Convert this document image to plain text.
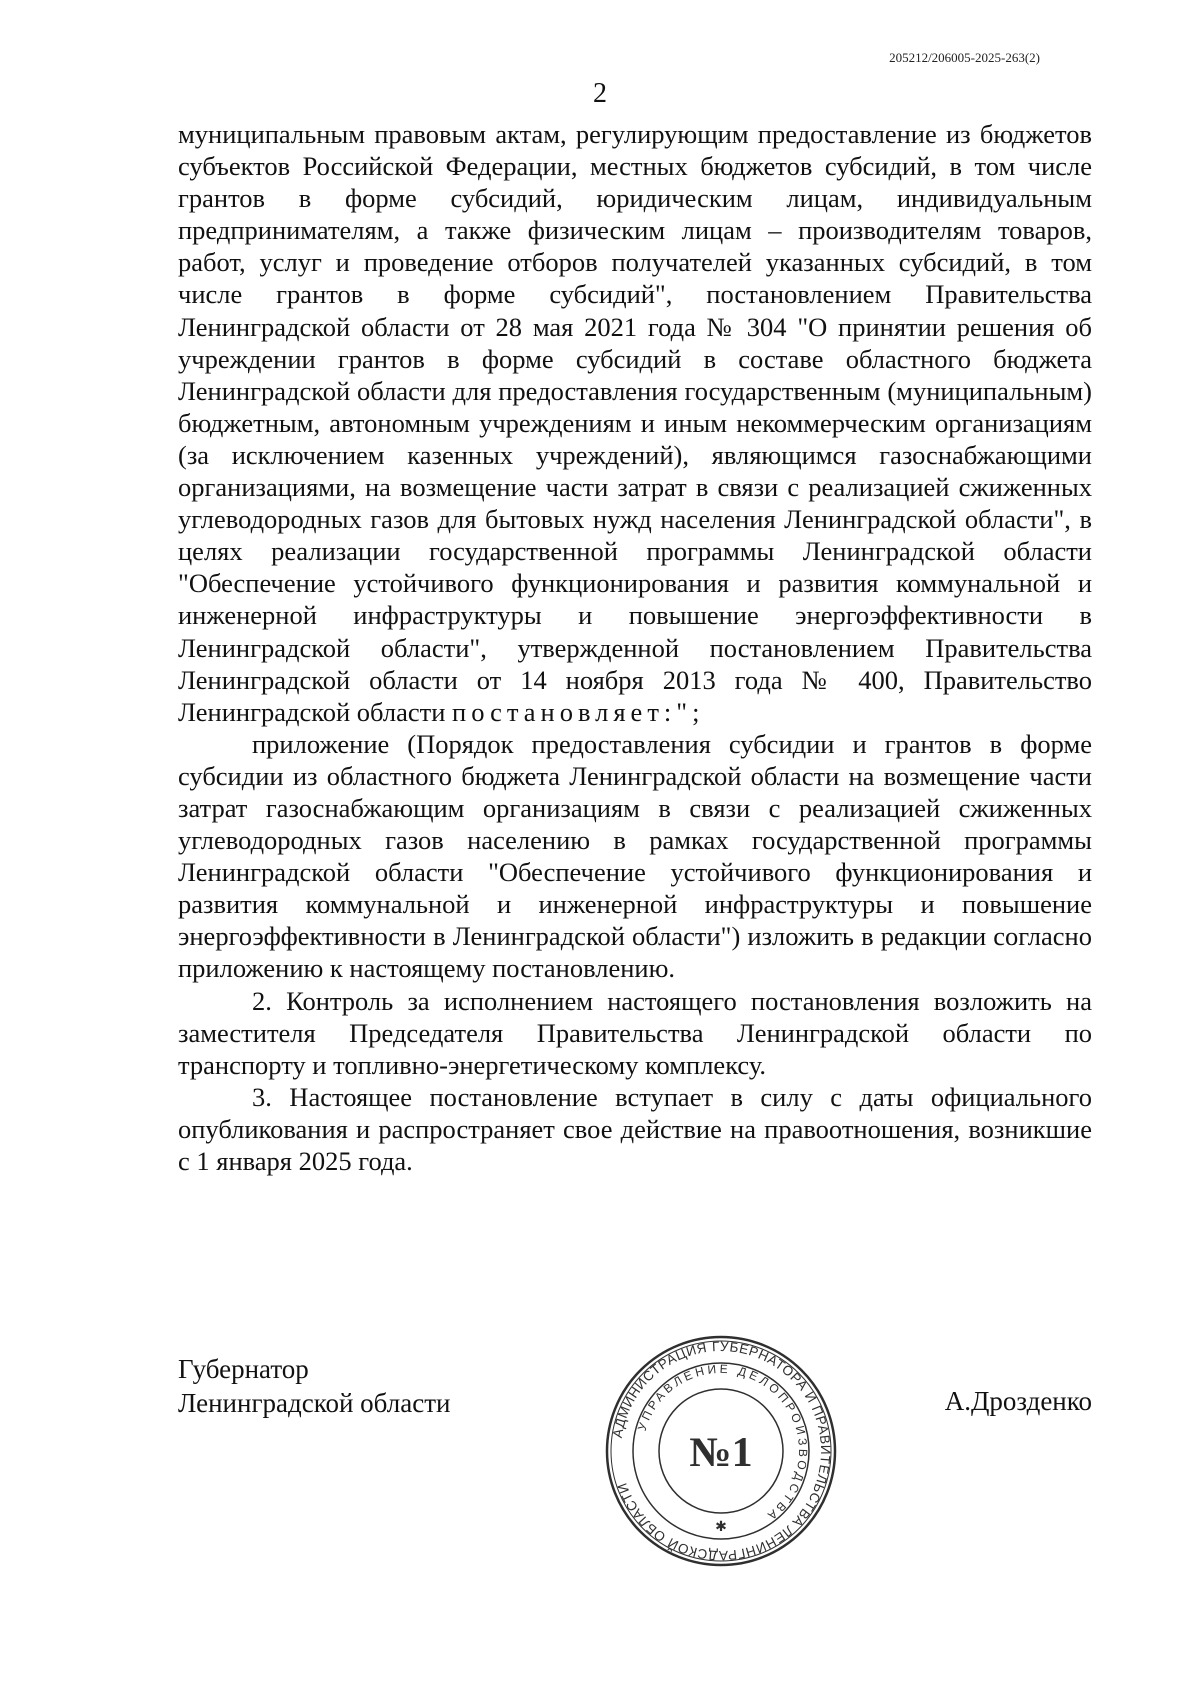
205212/206005-2025-263(2)
2

муниципальным правовым актам, регулирующим предоставление из бюджетов субъектов Российской Федерации, местных бюджетов субсидий, в том числе грантов в форме субсидий, юридическим лицам, индивидуальным предпринимателям, а также физическим лицам – производителям товаров, работ, услуг и проведение отборов получателей указанных субсидий, в том числе грантов в форме субсидий", постановлением Правительства Ленинградской области от 28 мая 2021 года № 304 "О принятии решения об учреждении грантов в форме субсидий в составе областного бюджета Ленинградской области для предоставления государственным (муниципальным) бюджетным, автономным учреждениям и иным некоммерческим организациям (за исключением казенных учреждений), являющимся газоснабжающими организациями, на возмещение части затрат в связи с реализацией сжиженных углеводородных газов для бытовых нужд населения Ленинградской области", в целях реализации государственной программы Ленинградской области "Обеспечение устойчивого функционирования и развития коммунальной и инженерной инфраструктуры и повышение энергоэффективности в Ленинградской области", утвержденной постановлением Правительства Ленинградской области от 14 ноября 2013 года № 400, Правительство Ленинградской области постановляет:";

приложение (Порядок предоставления субсидии и грантов в форме субсидии из областного бюджета Ленинградской области на возмещение части затрат газоснабжающим организациям в связи с реализацией сжиженных углеводородных газов населению в рамках государственной программы Ленинградской области "Обеспечение устойчивого функционирования и развития коммунальной и инженерной инфраструктуры и повышение энергоэффективности в Ленинградской области") изложить в редакции согласно приложению к настоящему постановлению.

2. Контроль за исполнением настоящего постановления возложить на заместителя Председателя Правительства Ленинградской области по транспорту и топливно-энергетическому комплексу.

3. Настоящее постановление вступает в силу с даты официального опубликования и распространяет свое действие на правоотношения, возникшие с 1 января 2025 года.

Губернатор
Ленинградской области
АДМИНИСТРАЦИЯ ГУБЕРНАТОРА И ПРАВИТЕЛЬСТВА ЛЕНИНГРАДСКОЙ ОБЛАСТИ
УПРАВЛЕНИЕ ДЕЛОПРОИЗВОДСТВА
№1
✱
А.Дрозденко
